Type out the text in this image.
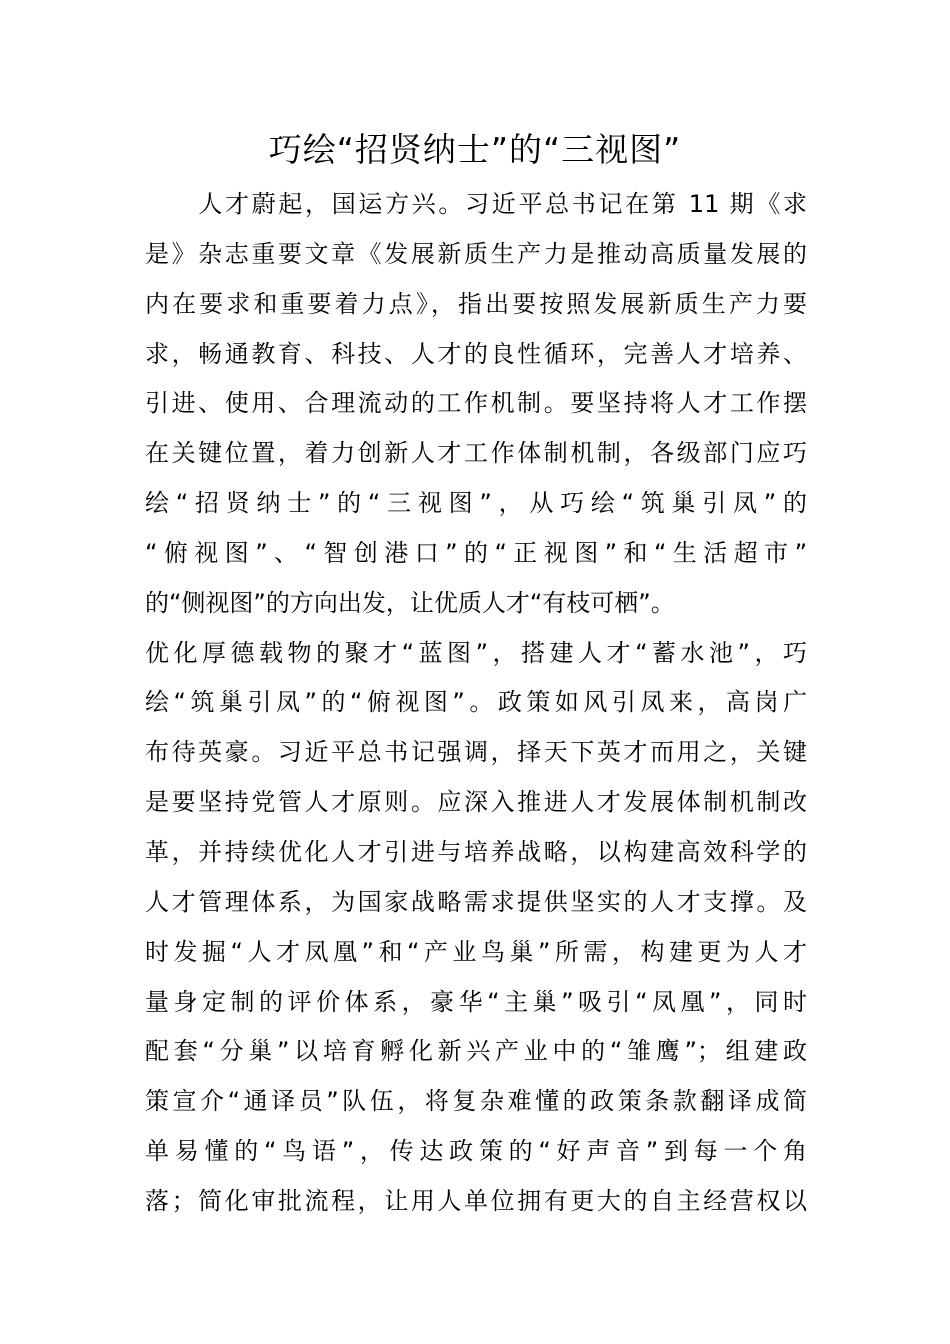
巧绘“招贤纳士”的“三视图”
　　人才蔚起，国运方兴。习近平总书记在第 11 期《求
是》杂志重要文章《发展新质生产力是推动高质量发展的
内在要求和重要着力点》，指出要按照发展新质生产力要
求，畅通教育、科技、人才的良性循环，完善人才培养、
引进、使用、合理流动的工作机制。要坚持将人才工作摆
在关键位置，着力创新人才工作体制机制，各级部门应巧
绘“招贤纳士”的“三视图”，从巧绘“筑巢引凤”的
“俯视图”、“智创港口”的“正视图”和“生活超市”
的“侧视图”的方向出发，让优质人才“有枝可栖”。
优化厚德载物的聚才“蓝图”，搭建人才“蓄水池”，巧
绘“筑巢引凤”的“俯视图”。政策如风引凤来，高岗广
布待英豪。习近平总书记强调，择天下英才而用之，关键
是要坚持党管人才原则。应深入推进人才发展体制机制改
革，并持续优化人才引进与培养战略，以构建高效科学的
人才管理体系，为国家战略需求提供坚实的人才支撑。及
时发掘“人才凤凰”和“产业鸟巢”所需，构建更为人才
量身定制的评价体系，豪华“主巢”吸引“凤凰”，同时
配套“分巢”以培育孵化新兴产业中的“雏鹰”；组建政
策宣介“通译员”队伍，将复杂难懂的政策条款翻译成简
单易懂的“鸟语”，传达政策的“好声音”到每一个角
落；简化审批流程，让用人单位拥有更大的自主经营权以
